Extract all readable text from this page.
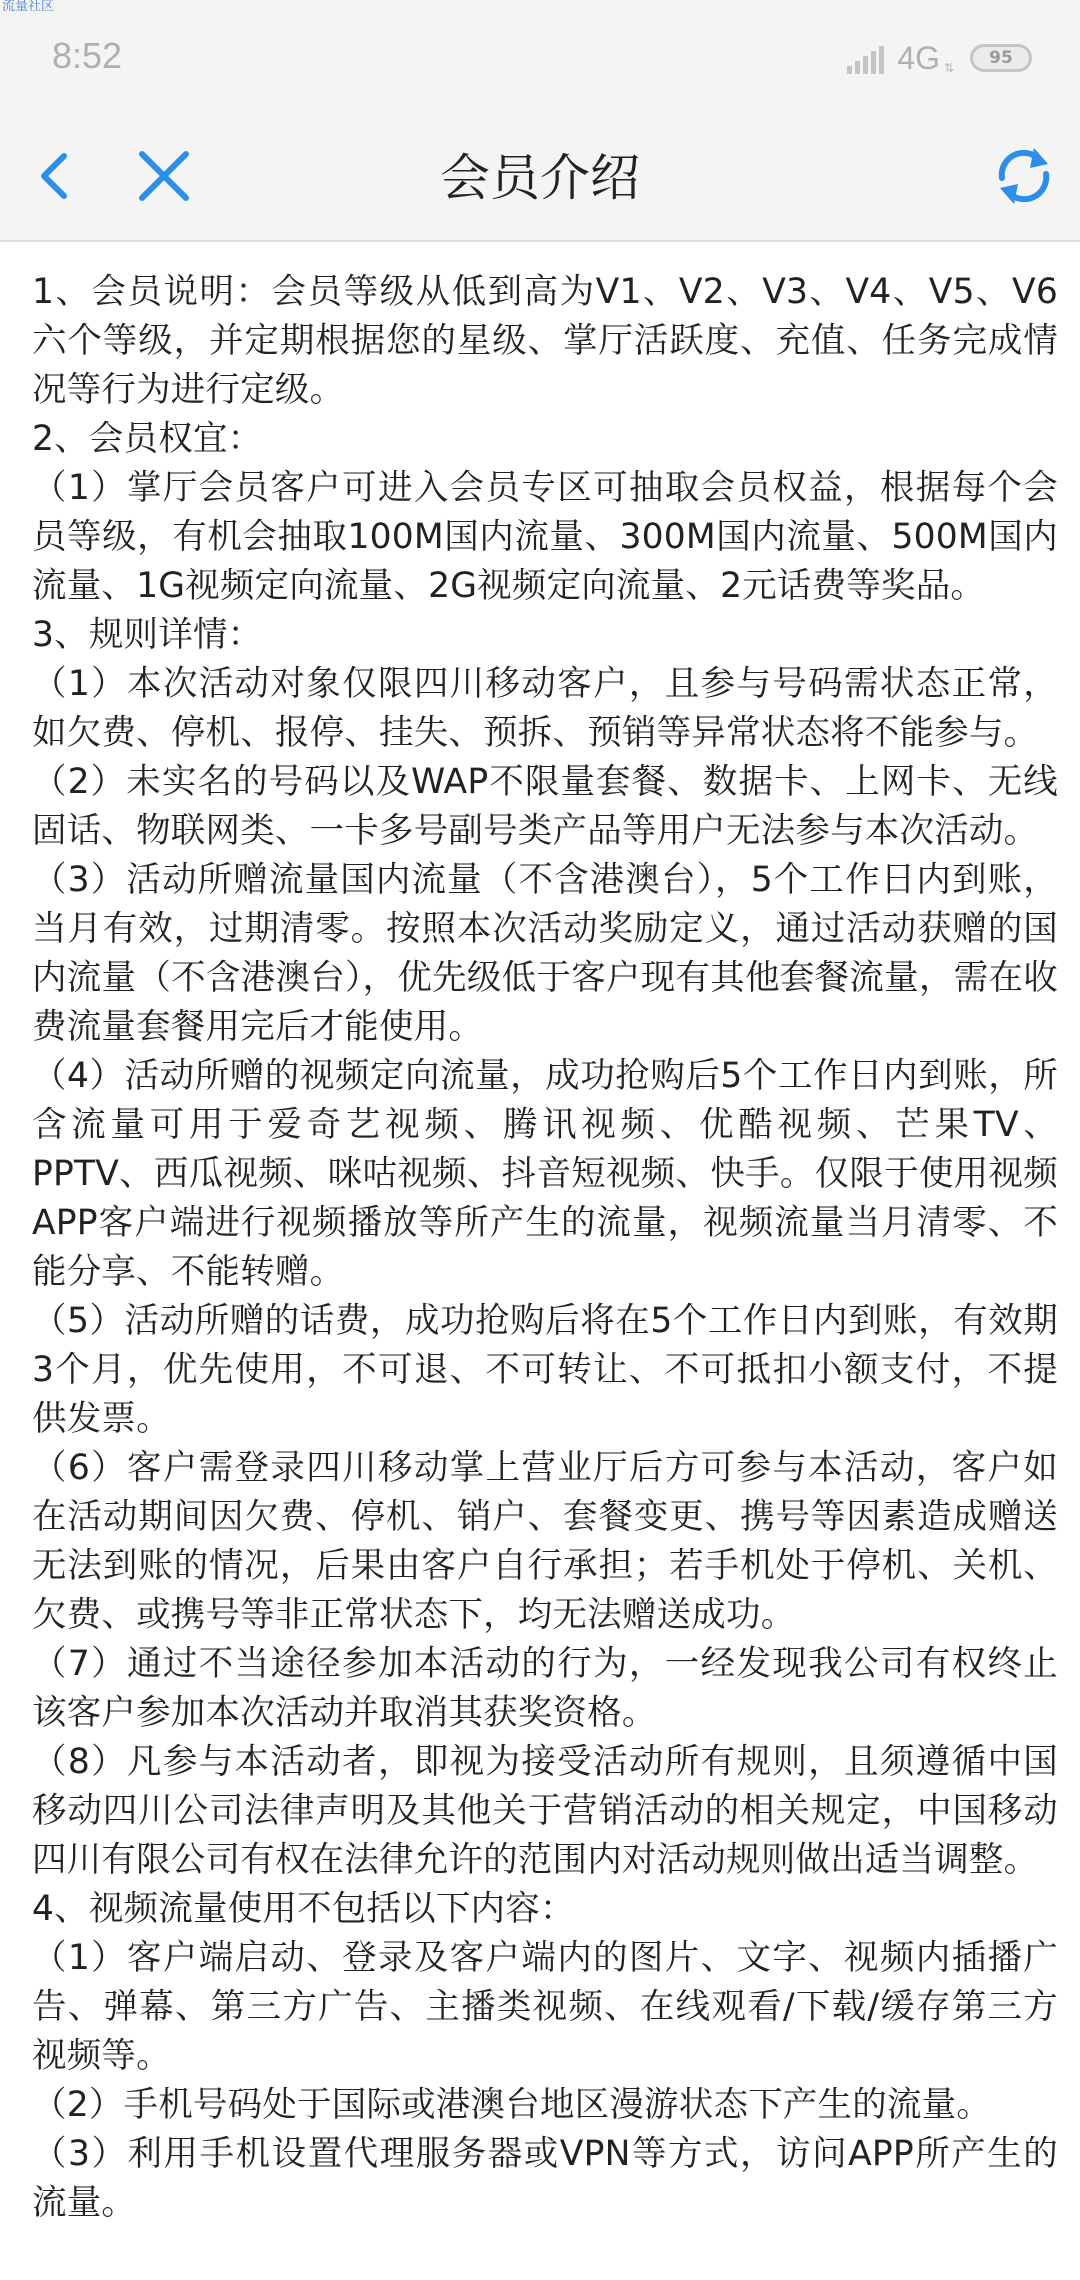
8:52	4G ⇅ 95
流量社区
会员介绍

1、会员说明：会员等级从低到高为V1、V2、V3、V4、V5、V6六个等级，并定期根据您的星级、掌厅活跃度、充值、任务完成情况等行为进行定级。

2、会员权宜：

（1）掌厅会员客户可进入会员专区可抽取会员权益，根据每个会员等级，有机会抽取100M国内流量、300M国内流量、500M国内流量、1G视频定向流量、2G视频定向流量、2元话费等奖品。

3、规则详情：

（1）本次活动对象仅限四川移动客户，且参与号码需状态正常，如欠费、停机、报停、挂失、预拆、预销等异常状态将不能参与。

（2）未实名的号码以及WAP不限量套餐、数据卡、上网卡、无线固话、物联网类、一卡多号副号类产品等用户无法参与本次活动。

（3）活动所赠流量国内流量（不含港澳台），5个工作日内到账，当月有效，过期清零。按照本次活动奖励定义，通过活动获赠的国内流量（不含港澳台），优先级低于客户现有其他套餐流量，需在收费流量套餐用完后才能使用。

（4）活动所赠的视频定向流量，成功抢购后5个工作日内到账，所含流量可用于爱奇艺视频、腾讯视频、优酷视频、芒果TV、PPTV、西瓜视频、咪咕视频、抖音短视频、快手。仅限于使用视频APP客户端进行视频播放等所产生的流量，视频流量当月清零、不能分享、不能转赠。

（5）活动所赠的话费，成功抢购后将在5个工作日内到账，有效期3个月，优先使用，不可退、不可转让、不可抵扣小额支付，不提供发票。

（6）客户需登录四川移动掌上营业厅后方可参与本活动，客户如在活动期间因欠费、停机、销户、套餐变更、携号等因素造成赠送无法到账的情况，后果由客户自行承担；若手机处于停机、关机、欠费、或携号等非正常状态下，均无法赠送成功。

（7）通过不当途径参加本活动的行为，一经发现我公司有权终止该客户参加本次活动并取消其获奖资格。

（8）凡参与本活动者，即视为接受活动所有规则，且须遵循中国移动四川公司法律声明及其他关于营销活动的相关规定，中国移动四川有限公司有权在法律允许的范围内对活动规则做出适当调整。

4、视频流量使用不包括以下内容：

（1）客户端启动、登录及客户端内的图片、文字、视频内插播广告、弹幕、第三方广告、主播类视频、在线观看/下载/缓存第三方视频等。

（2）手机号码处于国际或港澳台地区漫游状态下产生的流量。

（3）利用手机设置代理服务器或VPN等方式，访问APP所产生的流量。
